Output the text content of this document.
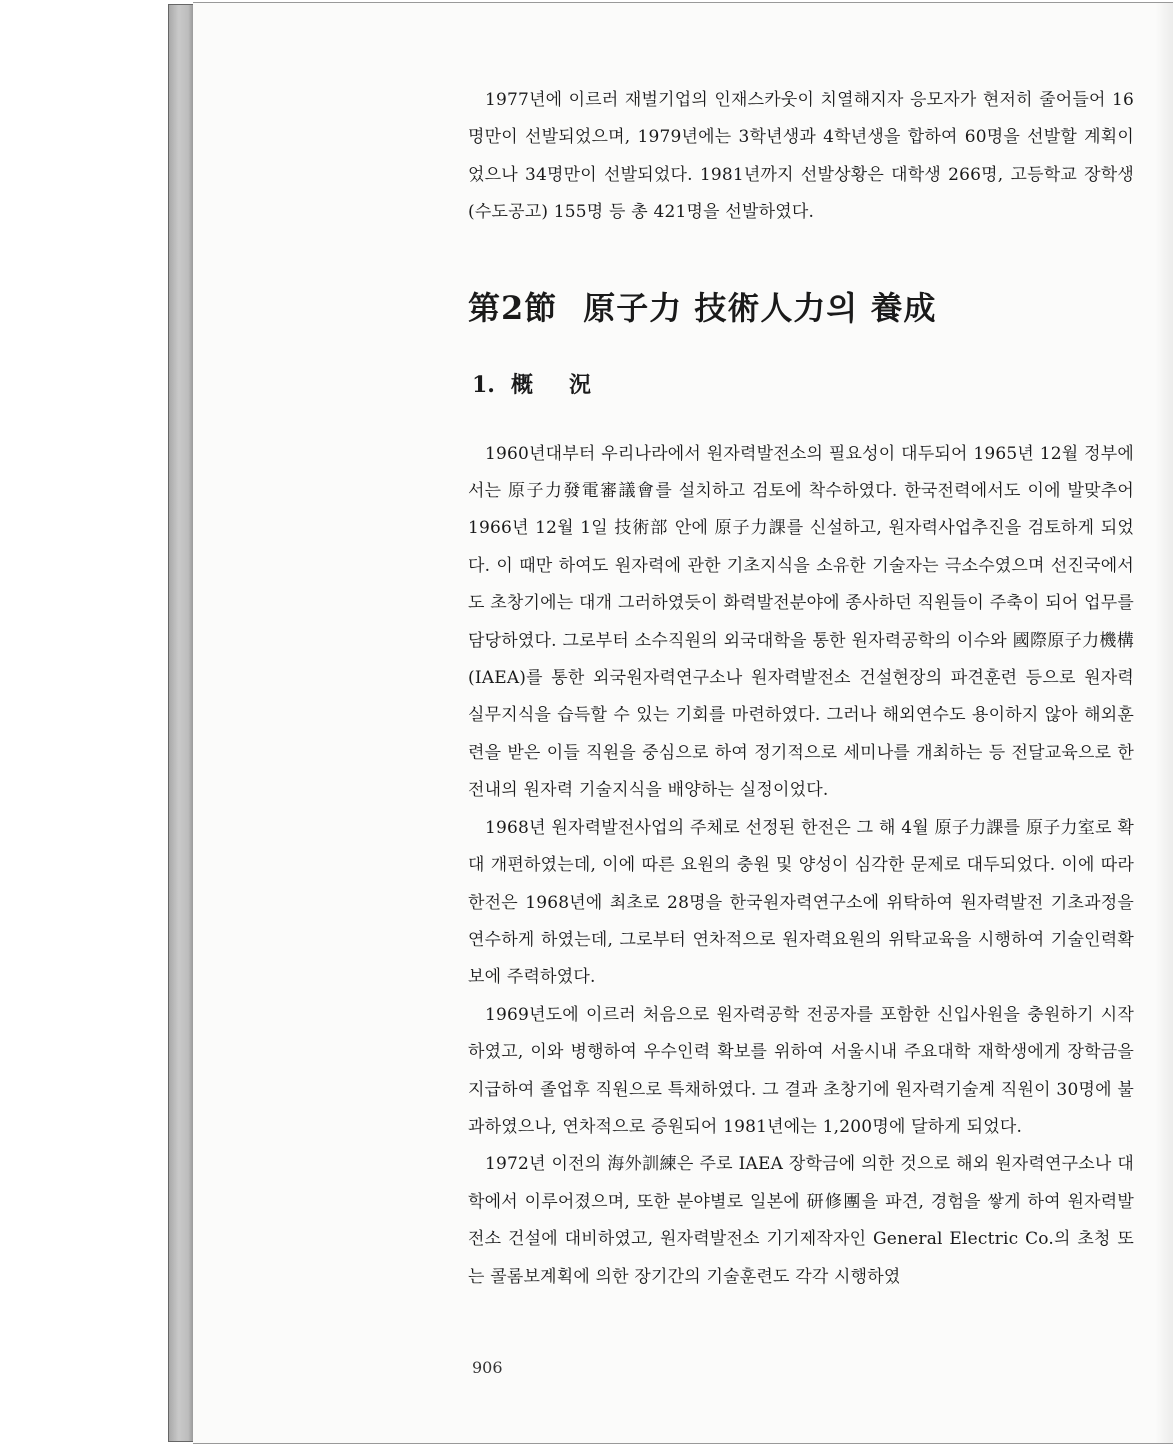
1977년에 이르러 재벌기업의 인재스카웃이 치열해지자 응모자가 현저히 줄어들어 16명만이 선발되었으며, 1979년에는 3학년생과 4학년생을 합하여 60명을 선발할 계획이었으나 34명만이 선발되었다. 1981년까지 선발상황은 대학생 266명, 고등학교 장학생(수도공고) 155명 등 총 421명을 선발하였다.

第2節 原子力 技術人力의 養成
1. 概況

1960년대부터 우리나라에서 원자력발전소의 필요성이 대두되어 1965년 12월 정부에서는 原子力發電審議會를 설치하고 검토에 착수하였다. 한국전력에서도 이에 발맞추어 1966년 12월 1일 技術部 안에 原子力課를 신설하고, 원자력사업추진을 검토하게 되었다. 이 때만 하여도 원자력에 관한 기초지식을 소유한 기술자는 극소수였으며 선진국에서도 초창기에는 대개 그러하였듯이 화력발전분야에 종사하던 직원들이 주축이 되어 업무를 담당하였다. 그로부터 소수직원의 외국대학을 통한 원자력공학의 이수와 國際原子力機構(IAEA)를 통한 외국원자력연구소나 원자력발전소 건설현장의 파견훈련 등으로 원자력 실무지식을 습득할 수 있는 기회를 마련하였다. 그러나 해외연수도 용이하지 않아 해외훈련을 받은 이들 직원을 중심으로 하여 정기적으로 세미나를 개최하는 등 전달교육으로 한전내의 원자력 기술지식을 배양하는 실정이었다.

1968년 원자력발전사업의 주체로 선정된 한전은 그 해 4월 原子力課를 原子力室로 확대 개편하였는데, 이에 따른 요원의 충원 및 양성이 심각한 문제로 대두되었다. 이에 따라 한전은 1968년에 최초로 28명을 한국원자력연구소에 위탁하여 원자력발전 기초과정을 연수하게 하였는데, 그로부터 연차적으로 원자력요원의 위탁교육을 시행하여 기술인력확보에 주력하였다.

1969년도에 이르러 처음으로 원자력공학 전공자를 포함한 신입사원을 충원하기 시작하였고, 이와 병행하여 우수인력 확보를 위하여 서울시내 주요대학 재학생에게 장학금을 지급하여 졸업후 직원으로 특채하였다. 그 결과 초창기에 원자력기술계 직원이 30명에 불과하였으나, 연차적으로 증원되어 1981년에는 1,200명에 달하게 되었다.

1972년 이전의 海外訓練은 주로 IAEA 장학금에 의한 것으로 해외 원자력연구소나 대학에서 이루어졌으며, 또한 분야별로 일본에 研修團을 파견, 경험을 쌓게 하여 원자력발전소 건설에 대비하였고, 원자력발전소 기기제작자인 General Electric Co.의 초청 또는 콜롬보계획에 의한 장기간의 기술훈련도 각각 시행하였

906
